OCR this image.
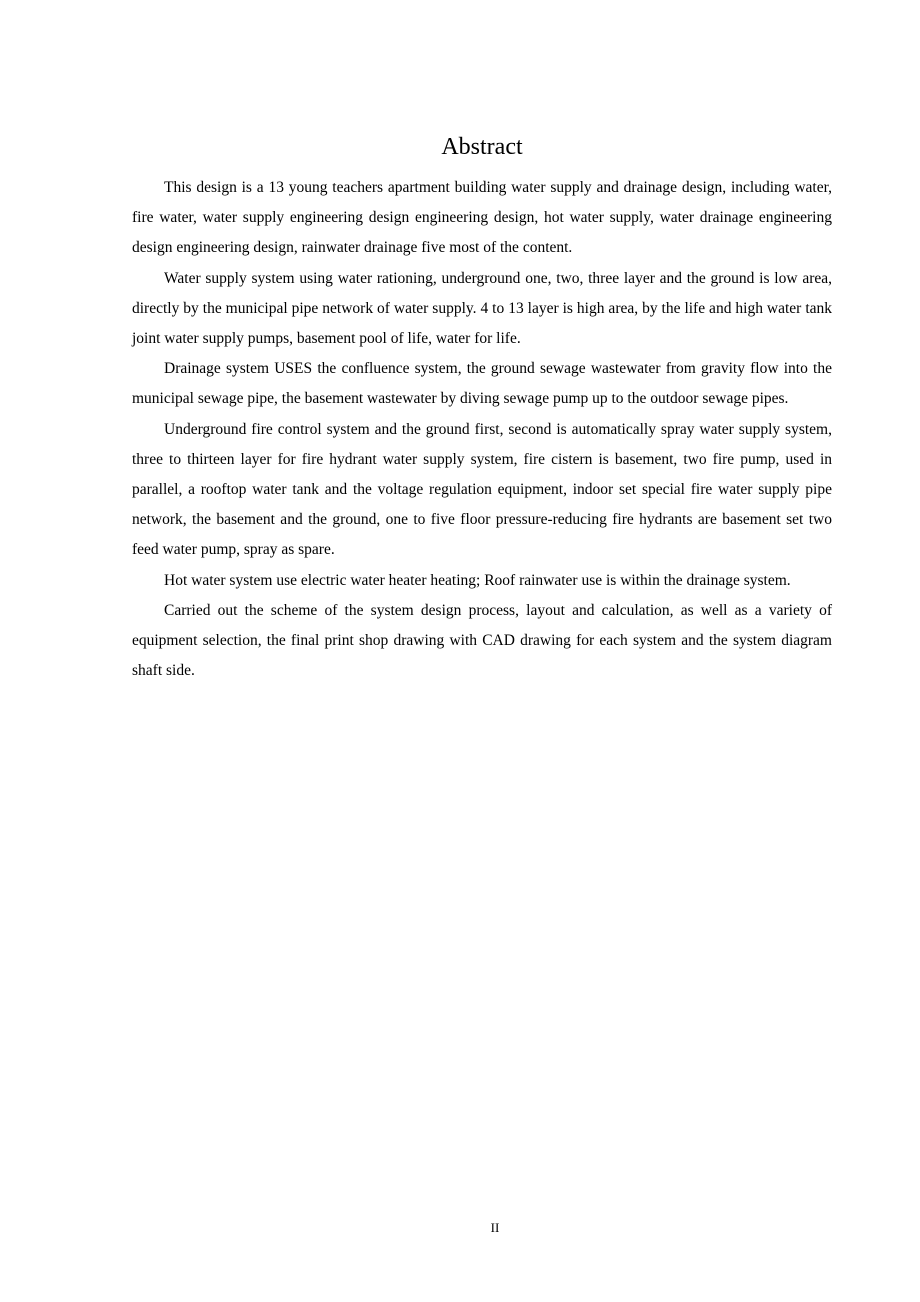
Abstract

This design is a 13 young teachers apartment building water supply and drainage design, including water, fire water, water supply engineering design engineering design, hot water supply, water drainage engineering design engineering design, rainwater drainage five most of the content.

Water supply system using water rationing, underground one, two, three layer and the ground is low area, directly by the municipal pipe network of water supply. 4 to 13 layer is high area, by the life and high water tank joint water supply pumps, basement pool of life, water for life.

Drainage system USES the confluence system, the ground sewage wastewater from gravity flow into the municipal sewage pipe, the basement wastewater by diving sewage pump up to the outdoor sewage pipes.

Underground fire control system and the ground first, second is automatically spray water supply system, three to thirteen layer for fire hydrant water supply system, fire cistern is basement, two fire pump, used in parallel, a rooftop water tank and the voltage regulation equipment, indoor set special fire water supply pipe network, the basement and the ground, one to five floor pressure-reducing fire hydrants are basement set two feed water pump, spray as spare.

Hot water system use electric water heater heating; Roof rainwater use is within the drainage system.

Carried out the scheme of the system design process, layout and calculation, as well as a variety of equipment selection, the final print shop drawing with CAD drawing for each system and the system diagram shaft side.

II
